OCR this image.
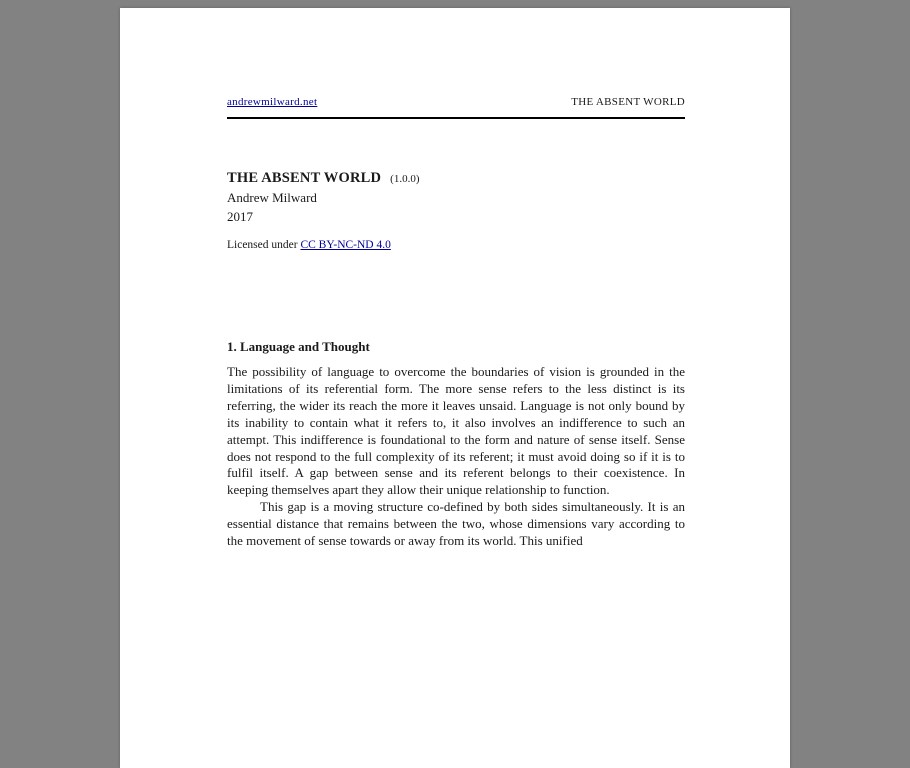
andrewmilward.net	THE ABSENT WORLD
THE ABSENT WORLD (1.0.0)
Andrew Milward
2017
Licensed under CC BY-NC-ND 4.0
1. Language and Thought

The possibility of language to overcome the boundaries of vision is grounded in the limitations of its referential form. The more sense refers to the less distinct is its referring, the wider its reach the more it leaves unsaid. Language is not only bound by its inability to contain what it refers to, it also involves an indifference to such an attempt. This indifference is foundational to the form and nature of sense itself. Sense does not respond to the full complexity of its referent; it must avoid doing so if it is to fulfil itself. A gap between sense and its referent belongs to their coexistence. In keeping themselves apart they allow their unique relationship to function.

This gap is a moving structure co-defined by both sides simultaneously. It is an essential distance that remains between the two, whose dimensions vary according to the movement of sense towards or away from its world. This unified
